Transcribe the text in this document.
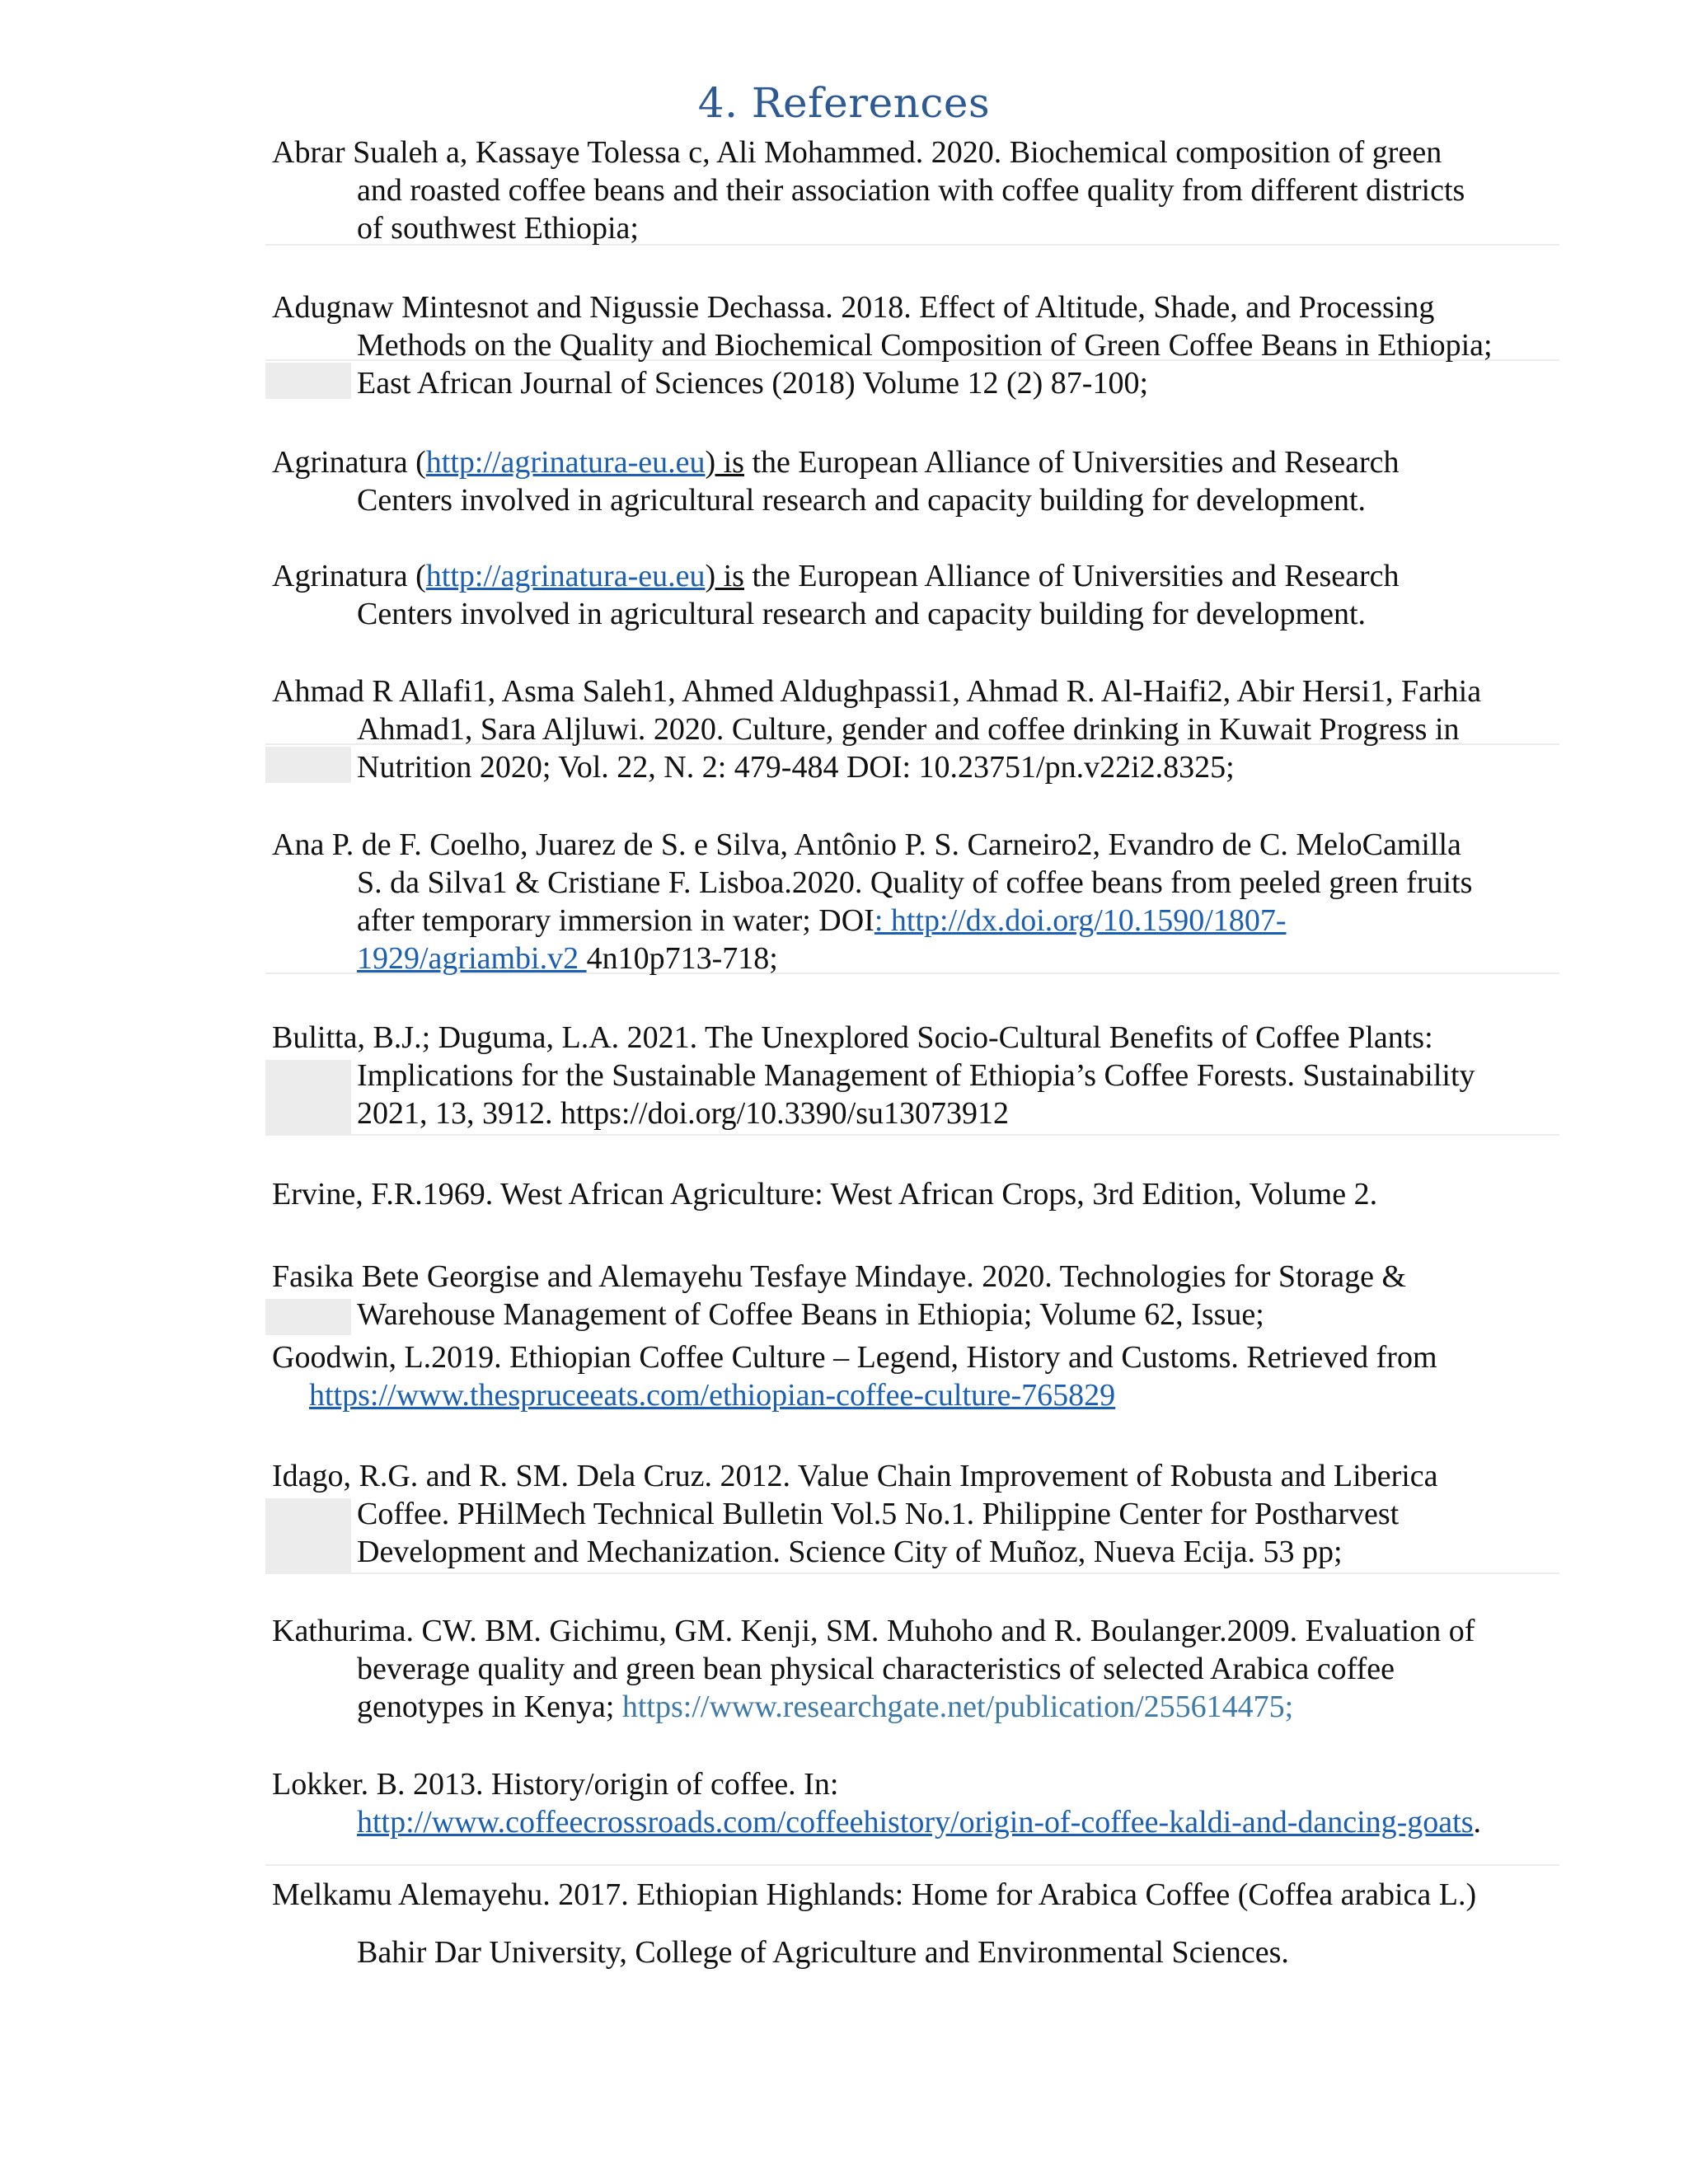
4. References
Abrar Sualeh a, Kassaye Tolessa c, Ali Mohammed. 2020. Biochemical composition of green
and roasted coffee beans and their association with coffee quality from different districts
of southwest Ethiopia;
Adugnaw Mintesnot and Nigussie Dechassa. 2018. Effect of Altitude, Shade, and Processing
Methods on the Quality and Biochemical Composition of Green Coffee Beans in Ethiopia;
East African Journal of Sciences (2018) Volume 12 (2) 87-100;
Agrinatura (http://agrinatura-eu.eu) is the European Alliance of Universities and Research
Centers involved in agricultural research and capacity building for development.
Agrinatura (http://agrinatura-eu.eu) is the European Alliance of Universities and Research
Centers involved in agricultural research and capacity building for development.
Ahmad R Allafi1, Asma Saleh1, Ahmed Aldughpassi1, Ahmad R. Al-Haifi2, Abir Hersi1, Farhia
Ahmad1, Sara Aljluwi. 2020. Culture, gender and coffee drinking in Kuwait Progress in
Nutrition 2020; Vol. 22, N. 2: 479-484 DOI: 10.23751/pn.v22i2.8325;
Ana P. de F. Coelho, Juarez de S. e Silva, Antônio P. S. Carneiro2, Evandro de C. MeloCamilla
S. da Silva1 & Cristiane F. Lisboa.2020. Quality of coffee beans from peeled green fruits
after temporary immersion in water; DOI: http://dx.doi.org/10.1590/1807-
1929/agriambi.v2 4n10p713-718;
Bulitta, B.J.; Duguma, L.A. 2021. The Unexplored Socio-Cultural Benefits of Coffee Plants:
Implications for the Sustainable Management of Ethiopia’s Coffee Forests. Sustainability
2021, 13, 3912. https://doi.org/10.3390/su13073912
Ervine, F.R.1969. West African Agriculture: West African Crops, 3rd Edition, Volume 2.
Fasika Bete Georgise and Alemayehu Tesfaye Mindaye. 2020. Technologies for Storage &
Warehouse Management of Coffee Beans in Ethiopia; Volume 62, Issue;
Goodwin, L.2019. Ethiopian Coffee Culture – Legend, History and Customs. Retrieved from
https://www.thespruceeats.com/ethiopian-coffee-culture-765829
Idago, R.G. and R. SM. Dela Cruz. 2012. Value Chain Improvement of Robusta and Liberica
Coffee. PHilMech Technical Bulletin Vol.5 No.1. Philippine Center for Postharvest
Development and Mechanization. Science City of Muñoz, Nueva Ecija. 53 pp;
Kathurima. CW. BM. Gichimu, GM. Kenji, SM. Muhoho and R. Boulanger.2009. Evaluation of
beverage quality and green bean physical characteristics of selected Arabica coffee
genotypes in Kenya; https://www.researchgate.net/publication/255614475;
Lokker. B. 2013. History/origin of coffee. In:
http://www.coffeecrossroads.com/coffeehistory/origin-of-coffee-kaldi-and-dancing-goats.
Melkamu Alemayehu. 2017. Ethiopian Highlands: Home for Arabica Coffee (Coffea arabica L.)
Bahir Dar University, College of Agriculture and Environmental Sciences.
